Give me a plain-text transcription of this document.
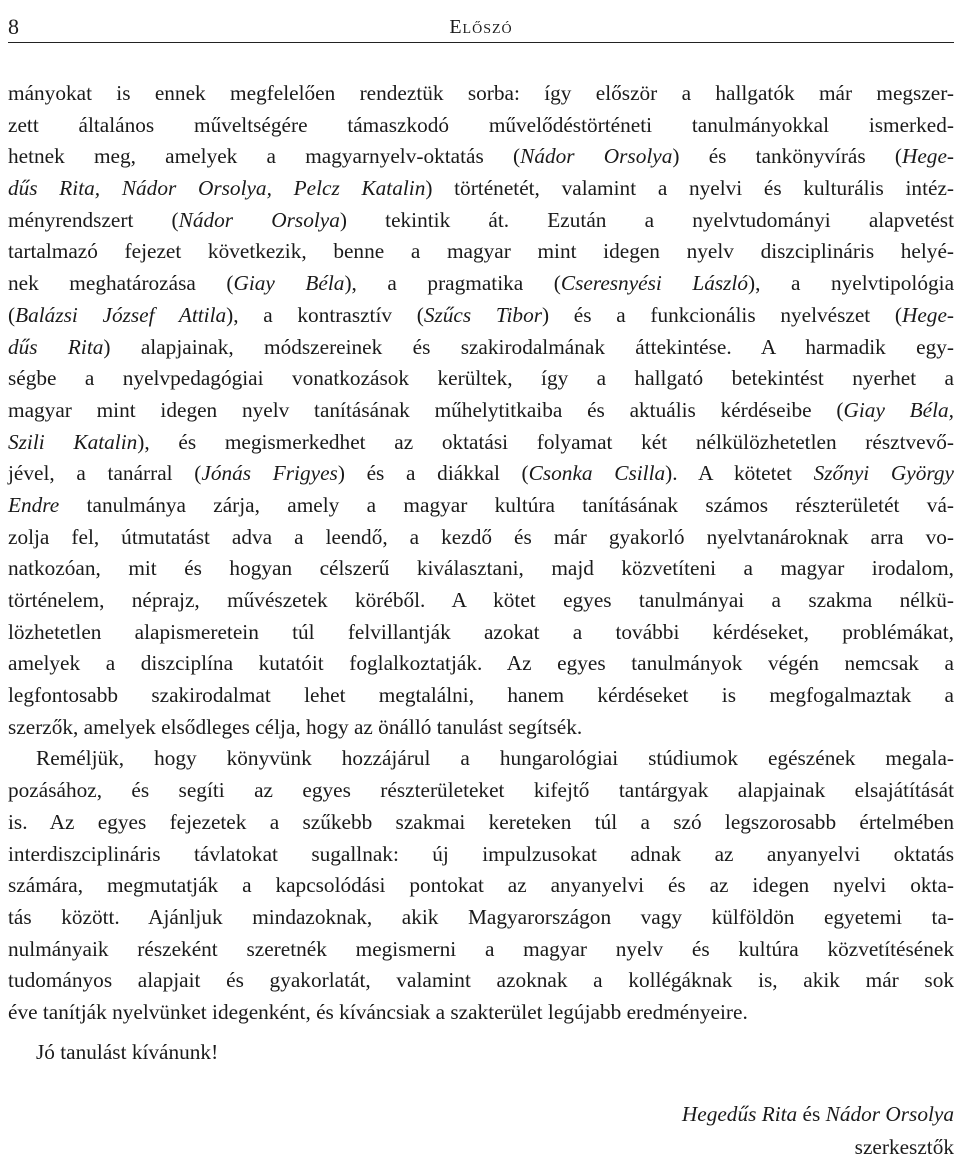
8	Előszó
mányokat is ennek megfelelően rendeztük sorba: így először a hallgatók már megszer-
zett általános műveltségére támaszkodó művelődéstörténeti tanulmányokkal ismerked-
hetnek meg, amelyek a magyarnyelv-oktatás (Nádor Orsolya) és tankönyvírás (Hege-
dűs Rita, Nádor Orsolya, Pelcz Katalin) történetét, valamint a nyelvi és kulturális intéz-
ményrendszert (Nádor Orsolya) tekintik át. Ezután a nyelvtudományi alapvetést
tartalmazó fejezet következik, benne a magyar mint idegen nyelv diszciplináris helyé-
nek meghatározása (Giay Béla), a pragmatika (Cseresnyési László), a nyelvtipológia
(Balázsi József Attila), a kontrasztív (Szűcs Tibor) és a funkcionális nyelvészet (Hege-
dűs Rita) alapjainak, módszereinek és szakirodalmának áttekintése. A harmadik egy-
ségbe a nyelvpedagógiai vonatkozások kerültek, így a hallgató betekintést nyerhet a
magyar mint idegen nyelv tanításának műhelytitkaiba és aktuális kérdéseibe (Giay Béla,
Szili Katalin), és megismerkedhet az oktatási folyamat két nélkülözhetetlen résztvevő-
jével, a tanárral (Jónás Frigyes) és a diákkal (Csonka Csilla). A kötetet Szőnyi György
Endre tanulmánya zárja, amely a magyar kultúra tanításának számos részterületét vá-
zolja fel, útmutatást adva a leendő, a kezdő és már gyakorló nyelvtanároknak arra vo-
natkozóan, mit és hogyan célszerű kiválasztani, majd közvetíteni a magyar irodalom,
történelem, néprajz, művészetek köréből. A kötet egyes tanulmányai a szakma nélkü-
lözhetetlen alapismeretein túl felvillantják azokat a további kérdéseket, problémákat,
amelyek a diszciplína kutatóit foglalkoztatják. Az egyes tanulmányok végén nemcsak a
legfontosabb szakirodalmat lehet megtalálni, hanem kérdéseket is megfogalmaztak a
szerzők, amelyek elsődleges célja, hogy az önálló tanulást segítsék.
Reméljük, hogy könyvünk hozzájárul a hungarológiai stúdiumok egészének megala-
pozásához, és segíti az egyes részterületeket kifejtő tantárgyak alapjainak elsajátítását
is. Az egyes fejezetek a szűkebb szakmai kereteken túl a szó legszorosabb értelmében
interdiszciplináris távlatokat sugallnak: új impulzusokat adnak az anyanyelvi oktatás
számára, megmutatják a kapcsolódási pontokat az anyanyelvi és az idegen nyelvi okta-
tás között. Ajánljuk mindazoknak, akik Magyarországon vagy külföldön egyetemi ta-
nulmányaik részeként szeretnék megismerni a magyar nyelv és kultúra közvetítésének
tudományos alapjait és gyakorlatát, valamint azoknak a kollégáknak is, akik már sok
éve tanítják nyelvünket idegenként, és kíváncsiak a szakterület legújabb eredményeire.
Jó tanulást kívánunk!
Hegedűs Rita és Nádor Orsolya
szerkesztők
